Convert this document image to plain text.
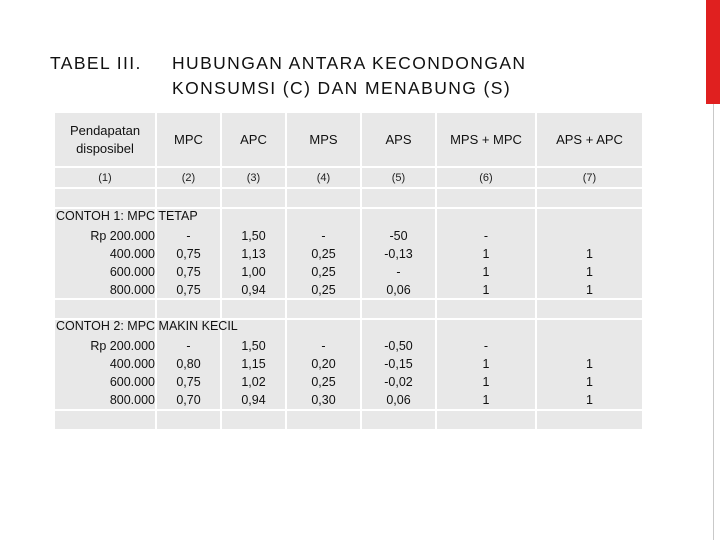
TABEL III. HUBUNGAN ANTARA KECONDONGAN
KONSUMSI (C) DAN MENABUNG (S)
Pendapatan disposibel
MPC	APC	MPS	APS	MPS + MPC	APS + APC
(1)	(2)	(3)	(4)	(5)	(6)	(7)
CONTOH 1: MPC TETAP
Rp 200.000	-	1,50	-	-50	-
400.000	0,75	1,13	0,25	-0,13	1	1
600.000	0,75	1,00	0,25	-	1	1
800.000	0,75	0,94	0,25	0,06	1	1
CONTOH 2: MPC MAKIN KECIL
Rp 200.000	-	1,50	-	-0,50	-
400.000	0,80	1,15	0,20	-0,15	1	1
600.000	0,75	1,02	0,25	-0,02	1	1
800.000	0,70	0,94	0,30	0,06	1	1
